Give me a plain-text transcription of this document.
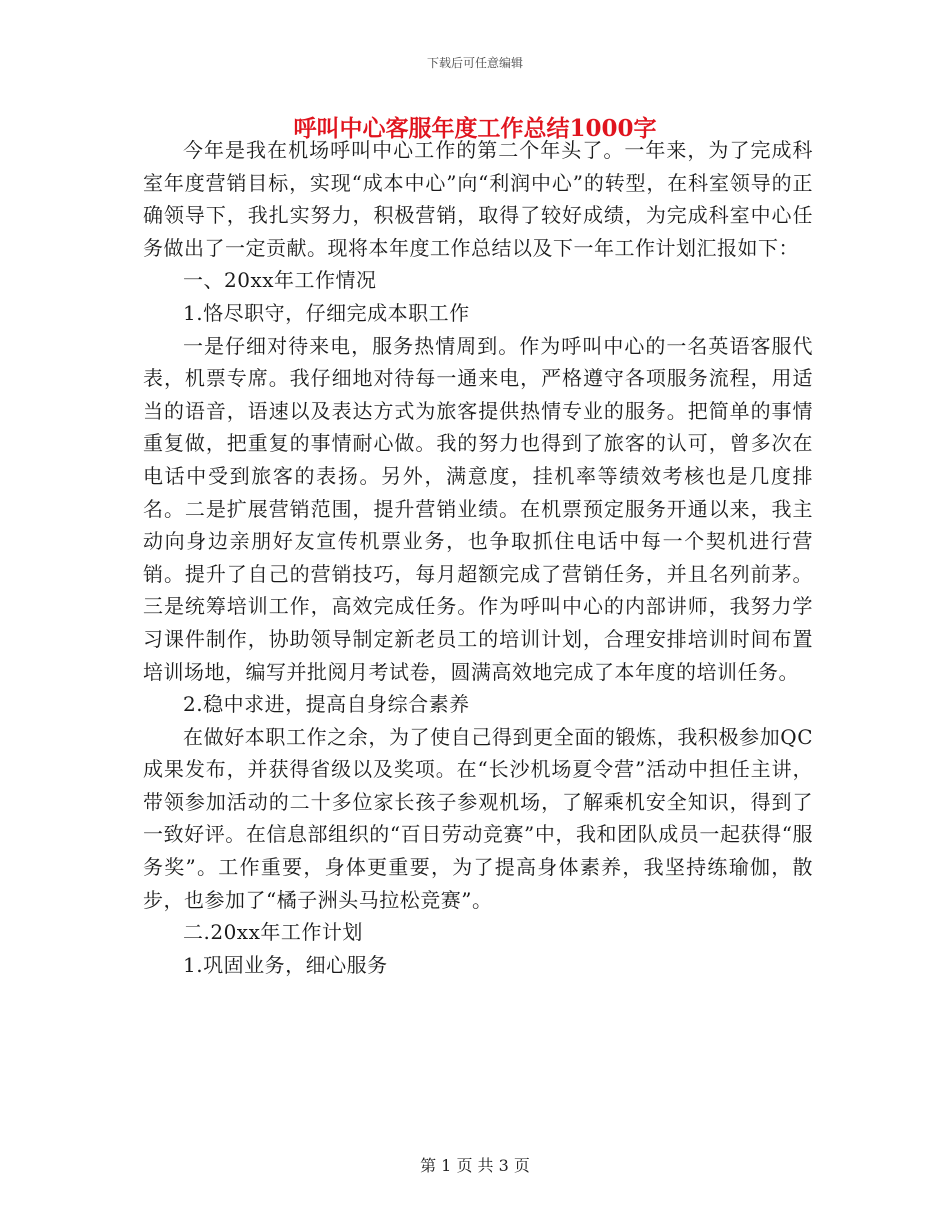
下载后可任意编辑
呼叫中心客服年度工作总结1000字

今年是我在机场呼叫中心工作的第二个年头了。一年来，为了完成科室年度营销目标，实现“成本中心”向“利润中心”的转型，在科室领导的正确领导下，我扎实努力，积极营销，取得了较好成绩，为完成科室中心任务做出了一定贡献。现将本年度工作总结以及下一年工作计划汇报如下：

一、20xx年工作情况

1.恪尽职守，仔细完成本职工作

一是仔细对待来电，服务热情周到。作为呼叫中心的一名英语客服代表，机票专席。我仔细地对待每一通来电，严格遵守各项服务流程，用适当的语音，语速以及表达方式为旅客提供热情专业的服务。把简单的事情重复做，把重复的事情耐心做。我的努力也得到了旅客的认可，曾多次在电话中受到旅客的表扬。另外，满意度，挂机率等绩效考核也是几度排名。二是扩展营销范围，提升营销业绩。在机票预定服务开通以来，我主动向身边亲朋好友宣传机票业务，也争取抓住电话中每一个契机进行营销。提升了自己的营销技巧，每月超额完成了营销任务，并且名列前茅。三是统筹培训工作，高效完成任务。作为呼叫中心的内部讲师，我努力学习课件制作，协助领导制定新老员工的培训计划，合理安排培训时间布置培训场地，编写并批阅月考试卷，圆满高效地完成了本年度的培训任务。

2.稳中求进，提高自身综合素养

在做好本职工作之余，为了使自己得到更全面的锻炼，我积极参加QC成果发布，并获得省级以及奖项。在“长沙机场夏令营”活动中担任主讲，带领参加活动的二十多位家长孩子参观机场，了解乘机安全知识，得到了一致好评。在信息部组织的“百日劳动竞赛”中，我和团队成员一起获得“服务奖”。工作重要，身体更重要，为了提高身体素养，我坚持练瑜伽，散步，也参加了“橘子洲头马拉松竞赛”。

二.20xx年工作计划

1.巩固业务，细心服务

第 1 页 共 3 页
